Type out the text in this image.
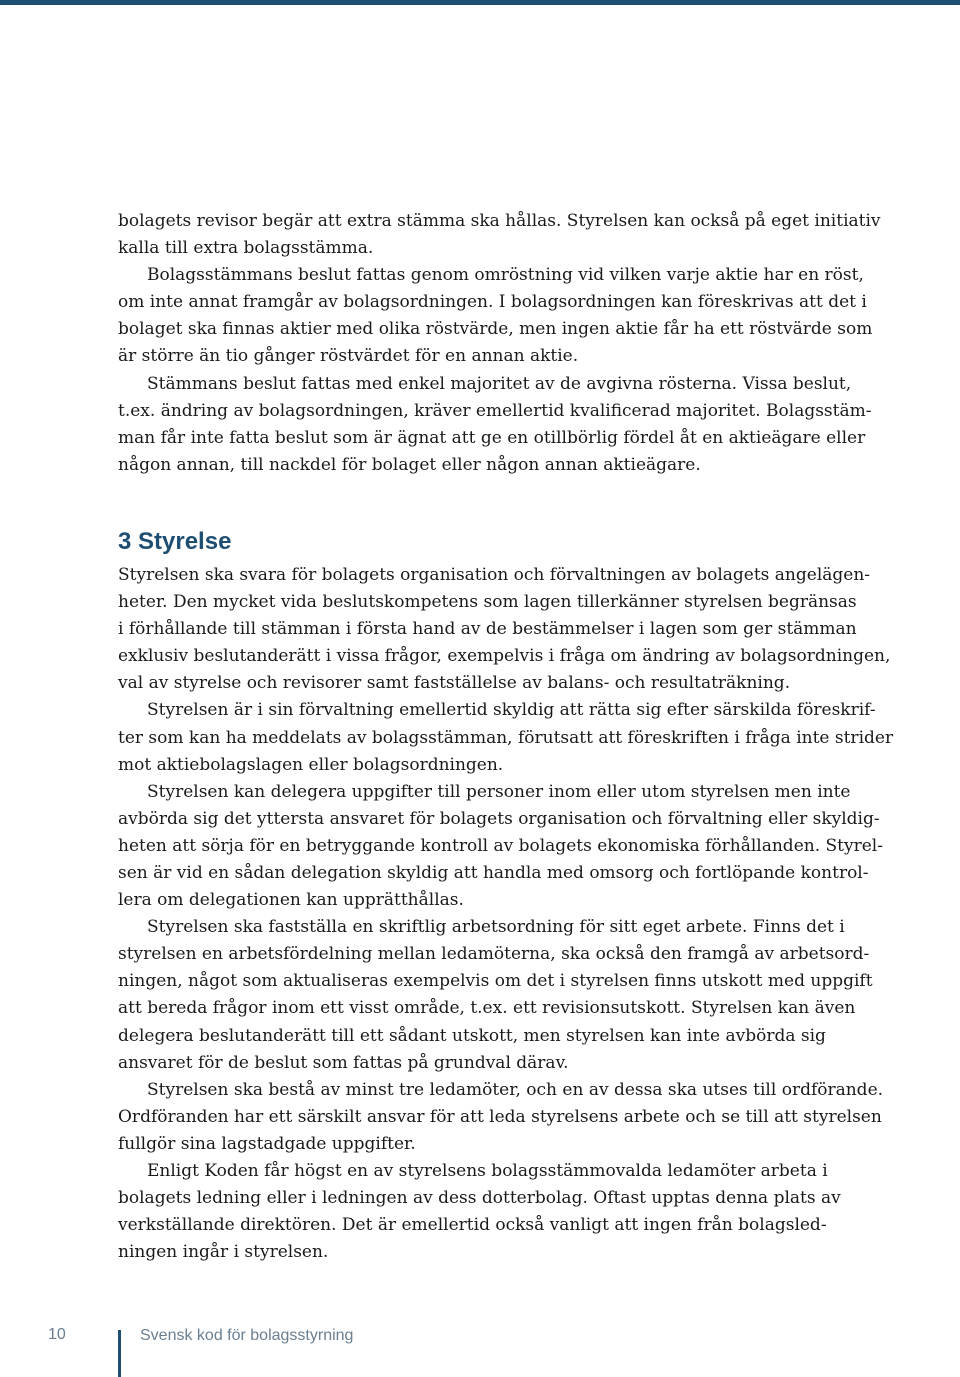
bolagets revisor begär att extra stämma ska hållas. Styrelsen kan också på eget initiativ
kalla till extra bolagsstämma.
Bolagsstämmans beslut fattas genom omröstning vid vilken varje aktie har en röst,
om inte annat framgår av bolagsordningen. I bolagsordningen kan föreskrivas att det i
bolaget ska finnas aktier med olika röstvärde, men ingen aktie får ha ett röstvärde som
är större än tio gånger röstvärdet för en annan aktie.
Stämmans beslut fattas med enkel majoritet av de avgivna rösterna. Vissa beslut,
t.ex. ändring av bolagsordningen, kräver emellertid kvalificerad majoritet. Bolagsstäm-
man får inte fatta beslut som är ägnat att ge en otillbörlig fördel åt en aktieägare eller
någon annan, till nackdel för bolaget eller någon annan aktieägare.
3 Styrelse
Styrelsen ska svara för bolagets organisation och förvaltningen av bolagets angelägen-
heter. Den mycket vida beslutskompetens som lagen tillerkänner styrelsen begränsas
i förhållande till stämman i första hand av de bestämmelser i lagen som ger stämman
exklusiv beslutanderätt i vissa frågor, exempelvis i fråga om ändring av bolagsordningen,
val av styrelse och revisorer samt fastställelse av balans- och resultaträkning.
Styrelsen är i sin förvaltning emellertid skyldig att rätta sig efter särskilda föreskrif-
ter som kan ha meddelats av bolagsstämman, förutsatt att föreskriften i fråga inte strider
mot aktiebolagslagen eller bolagsordningen.
Styrelsen kan delegera uppgifter till personer inom eller utom styrelsen men inte
avbörda sig det yttersta ansvaret för bolagets organisation och förvaltning eller skyldig-
heten att sörja för en betryggande kontroll av bolagets ekonomiska förhållanden. Styrel-
sen är vid en sådan delegation skyldig att handla med omsorg och fortlöpande kontrol-
lera om delegationen kan upprätthållas.
Styrelsen ska fastställa en skriftlig arbetsordning för sitt eget arbete. Finns det i
styrelsen en arbetsfördelning mellan ledamöterna, ska också den framgå av arbetsord-
ningen, något som aktualiseras exempelvis om det i styrelsen finns utskott med uppgift
att bereda frågor inom ett visst område, t.ex. ett revisionsutskott. Styrelsen kan även
delegera beslutanderätt till ett sådant utskott, men styrelsen kan inte avbörda sig
ansvaret för de beslut som fattas på grundval därav.
Styrelsen ska bestå av minst tre ledamöter, och en av dessa ska utses till ordförande.
Ordföranden har ett särskilt ansvar för att leda styrelsens arbete och se till att styrelsen
fullgör sina lagstadgade uppgifter.
Enligt Koden får högst en av styrelsens bolagsstämmovalda ledamöter arbeta i
bolagets ledning eller i ledningen av dess dotterbolag. Oftast upptas denna plats av
verkställande direktören. Det är emellertid också vanligt att ingen från bolagsled-
ningen ingår i styrelsen.
10	Svensk kod för bolagsstyrning
